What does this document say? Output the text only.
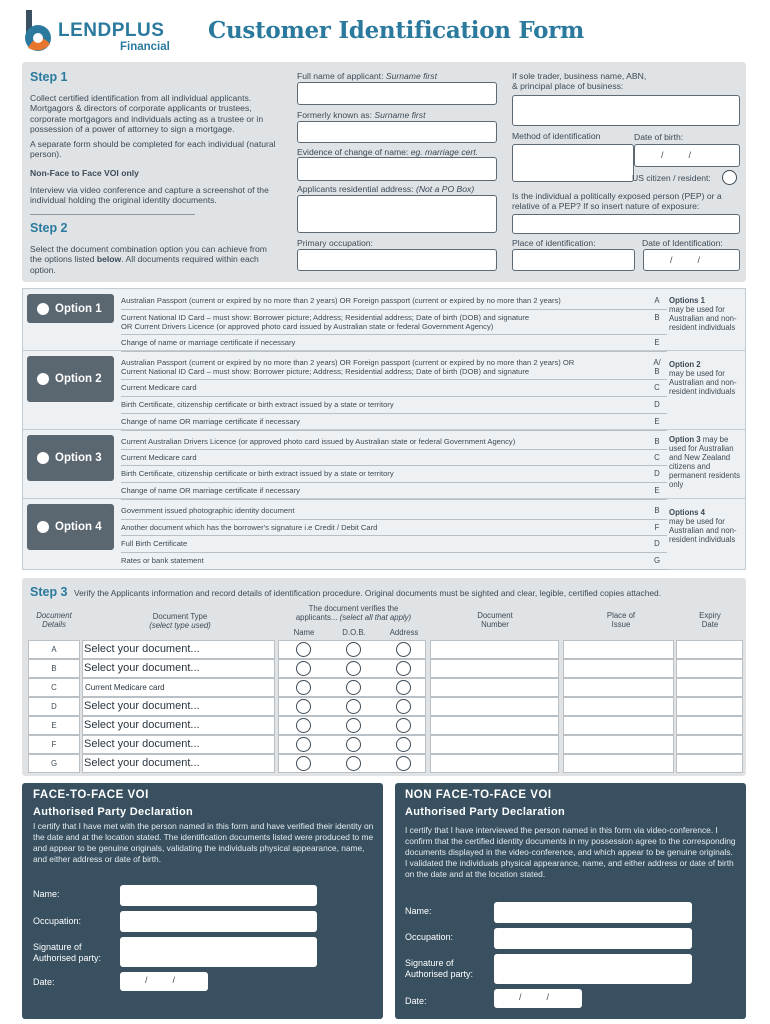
LENDPLUS
Financial
Customer Identification Form
Step 1
Collect certified identification from all individual applicants. Mortgagors & directors of corporate applicants or trustees, corporate mortgagors and individuals acting as a trustee or in possession of a power of attorney to sign a mortgage.
A separate form should be completed for each individual (natural person).
Non-Face to Face VOI only
Interview via video conference and capture a screenshot of the individual holding the original identity documents.
Step 2
Select the document combination option you can achieve from the options listed below. All documents required within each option.
Full name of applicant: Surname first
Formerly known as: Surname first
Evidence of change of name: eg. marriage cert.
Applicants residential address: (Not a PO Box)
Primary occupation:
If sole trader, business name, ABN,
& principal place of business:
Method of identification	Date of birth:
/          /
US citizen / resident:
Is the individual a politically exposed person (PEP) or a
relative of a PEP? If so insert nature of exposure:
Place of identification:	Date of Identification:
/          /
Option 1
Australian Passport (current or expired by no more than 2 years) OR Foreign passport (current or expired by no more than 2 years)	A
Current National ID Card – must show: Borrower picture; Address; Residential address; Date of birth (DOB) and signature
OR Current Drivers Licence (or approved photo card issued by Australian state or federal Government Agency)
B
Change of name or marriage certificate if necessary	E
Options 1
may be used for Australian and non-resident individuals
Option 2
Australian Passport (current or expired by no more than 2 years) OR Foreign passport (current or expired by no more than 2 years) OR
Current National ID Card – must show: Borrower picture; Address; Residential address; Date of birth (DOB) and signature
A/
B
Current Medicare card	C
Birth Certificate, citizenship certificate or birth extract issued by a state or territory	D
Change of name OR marriage certificate if necessary	E
Option 2
may be used for Australian and non-resident individuals
Option 3
Current Australian Drivers Licence (or approved photo card issued by Australian state or federal Government Agency)	B
Current Medicare card	C
Birth Certificate, citizenship certificate or birth extract issued by a state or territory	D
Change of name OR marriage certificate if necessary	E
Option 3 may be used for Australian and New Zealand citizens and permanent residents only
Option 4
Government issued photographic identity document	B
Another document which has the borrower's signature i.e Credit / Debit Card	F
Full Birth Certificate	D
Rates or bank statement	G
Options 4
may be used for Australian and non-resident individuals
Step 3 Verify the Applicants information and record details of identification procedure. Original documents must be sighted and clear, legible, certified copies attached.
Document
Details
Document Type
(select type used)
The document verifies the
applicants... (select all that apply)
Name	D.O.B.	Address
Document
Number
Place of
Issue
Expiry
Date
A	Select your document...
B	Select your document...
C	Current Medicare card
D	Select your document...
E	Select your document...
F	Select your document...
G	Select your document...
FACE-TO-FACE VOI
Authorised Party Declaration
I certify that I have met with the person named in this form and have verified their identity on the date and at the location stated. The identification documents listed were produced to me and appear to be genuine originals, validating the individuals physical appearance, name, and either address or date of birth.
Name:
Occupation:
Signature of
Authorised party:
Date:	/          /
NON FACE-TO-FACE VOI
Authorised Party Declaration
I certify that I have interviewed the person named in this form via video-conference. I confirm that the certified identity documents in my possession agree to the corresponding documents displayed in the video-conference, and which appear to be genuine originals. I validated the individuals physical appearance, name, and either address or date of birth on the date and at the location stated.
Name:
Occupation:
Signature of
Authorised party:
Date:	/          /
